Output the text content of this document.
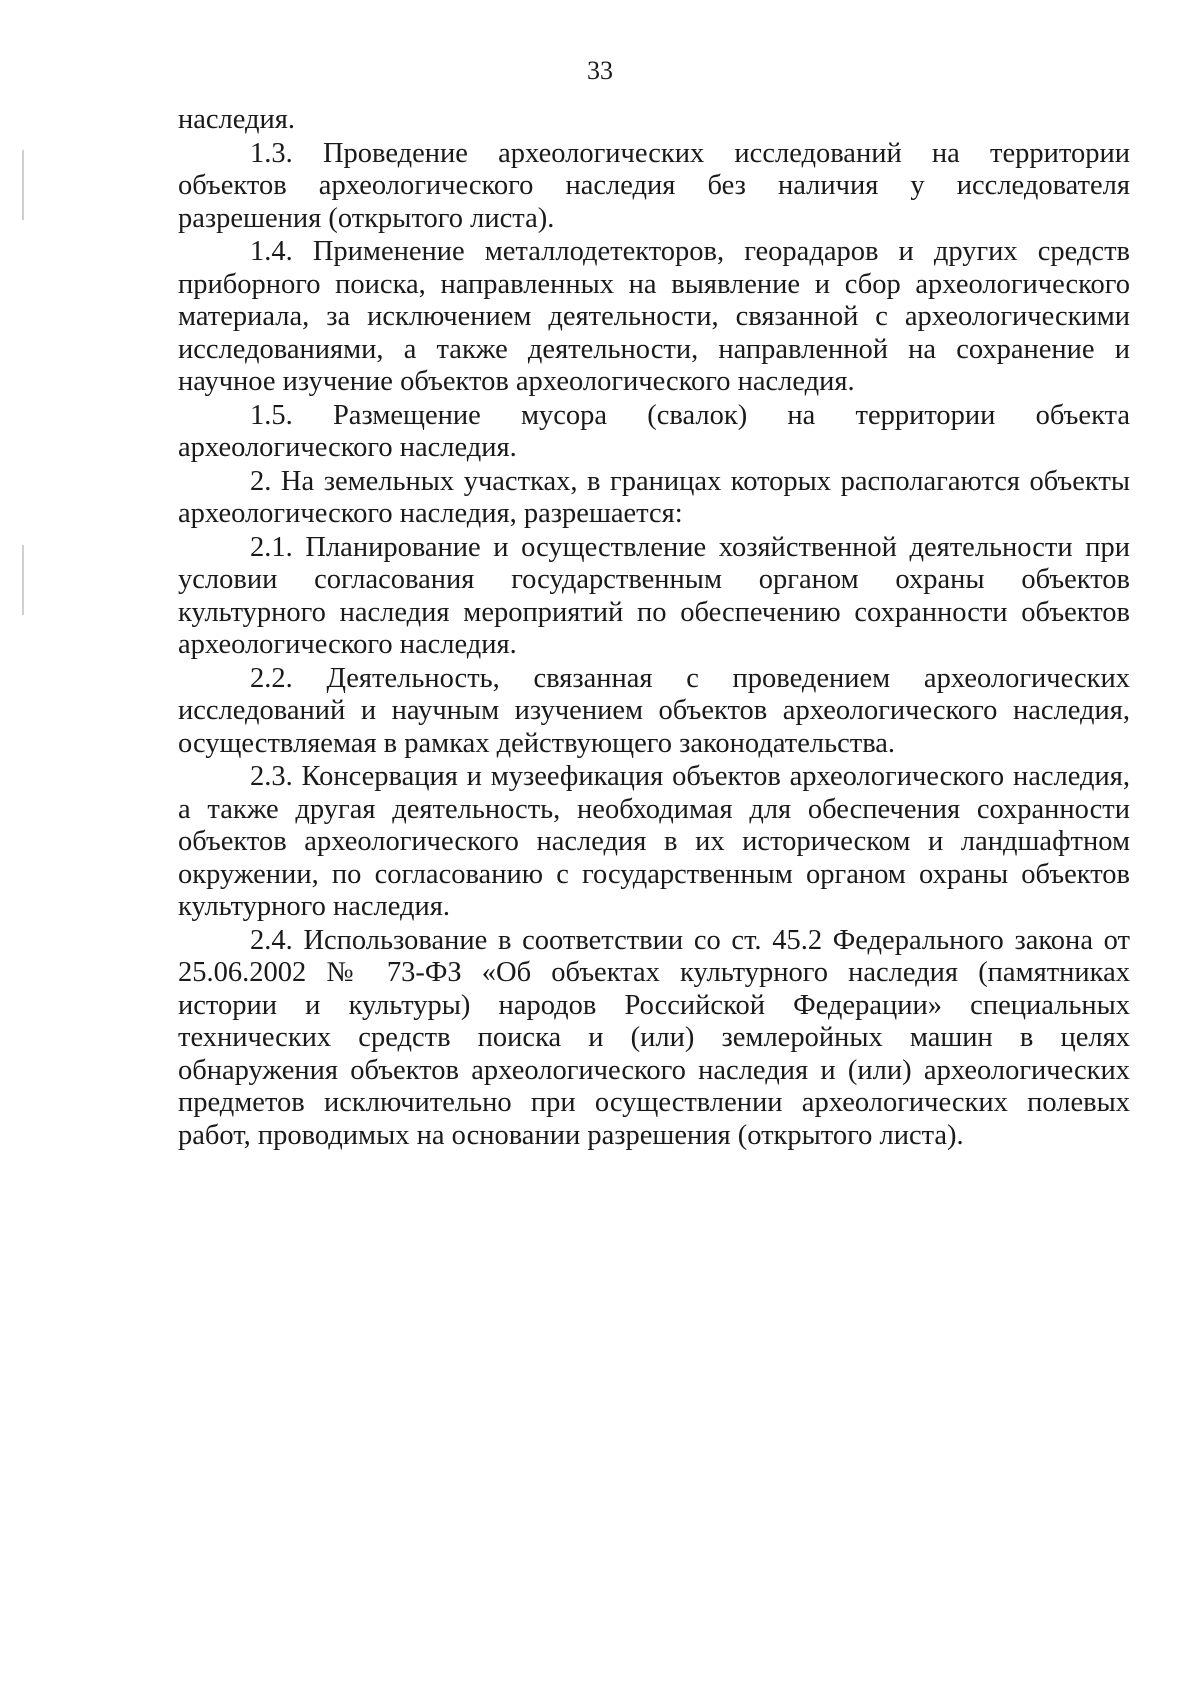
33

наследия.

1.3. Проведение археологических исследований на территории объектов археологического наследия без наличия у исследователя разрешения (открытого листа).

1.4. Применение металлодетекторов, георадаров и других средств приборного поиска, направленных на выявление и сбор археологического материала, за исключением деятельности, связанной с археологическими исследованиями, а также деятельности, направленной на сохранение и научное изучение объектов археологического наследия.

1.5. Размещение мусора (свалок) на территории объекта археологического наследия.

2. На земельных участках, в границах которых располагаются объекты археологического наследия, разрешается:

2.1. Планирование и осуществление хозяйственной деятельности при условии согласования государственным органом охраны объектов культурного наследия мероприятий по обеспечению сохранности объектов археологического наследия.

2.2. Деятельность, связанная с проведением археологических исследований и научным изучением объектов археологического наследия, осуществляемая в рамках действующего законодательства.

2.3. Консервация и музеефикация объектов археологического наследия, а также другая деятельность, необходимая для обеспечения сохранности объектов археологического наследия в их историческом и ландшафтном окружении, по согласованию с государственным органом охраны объектов культурного наследия.

2.4. Использование в соответствии со ст. 45.2 Федерального закона от 25.06.2002 № 73-ФЗ «Об объектах культурного наследия (памятниках истории и культуры) народов Российской Федерации» специальных технических средств поиска и (или) землеройных машин в целях обнаружения объектов археологического наследия и (или) археологических предметов исключительно при осуществлении археологических полевых работ, проводимых на основании разрешения (открытого листа).
